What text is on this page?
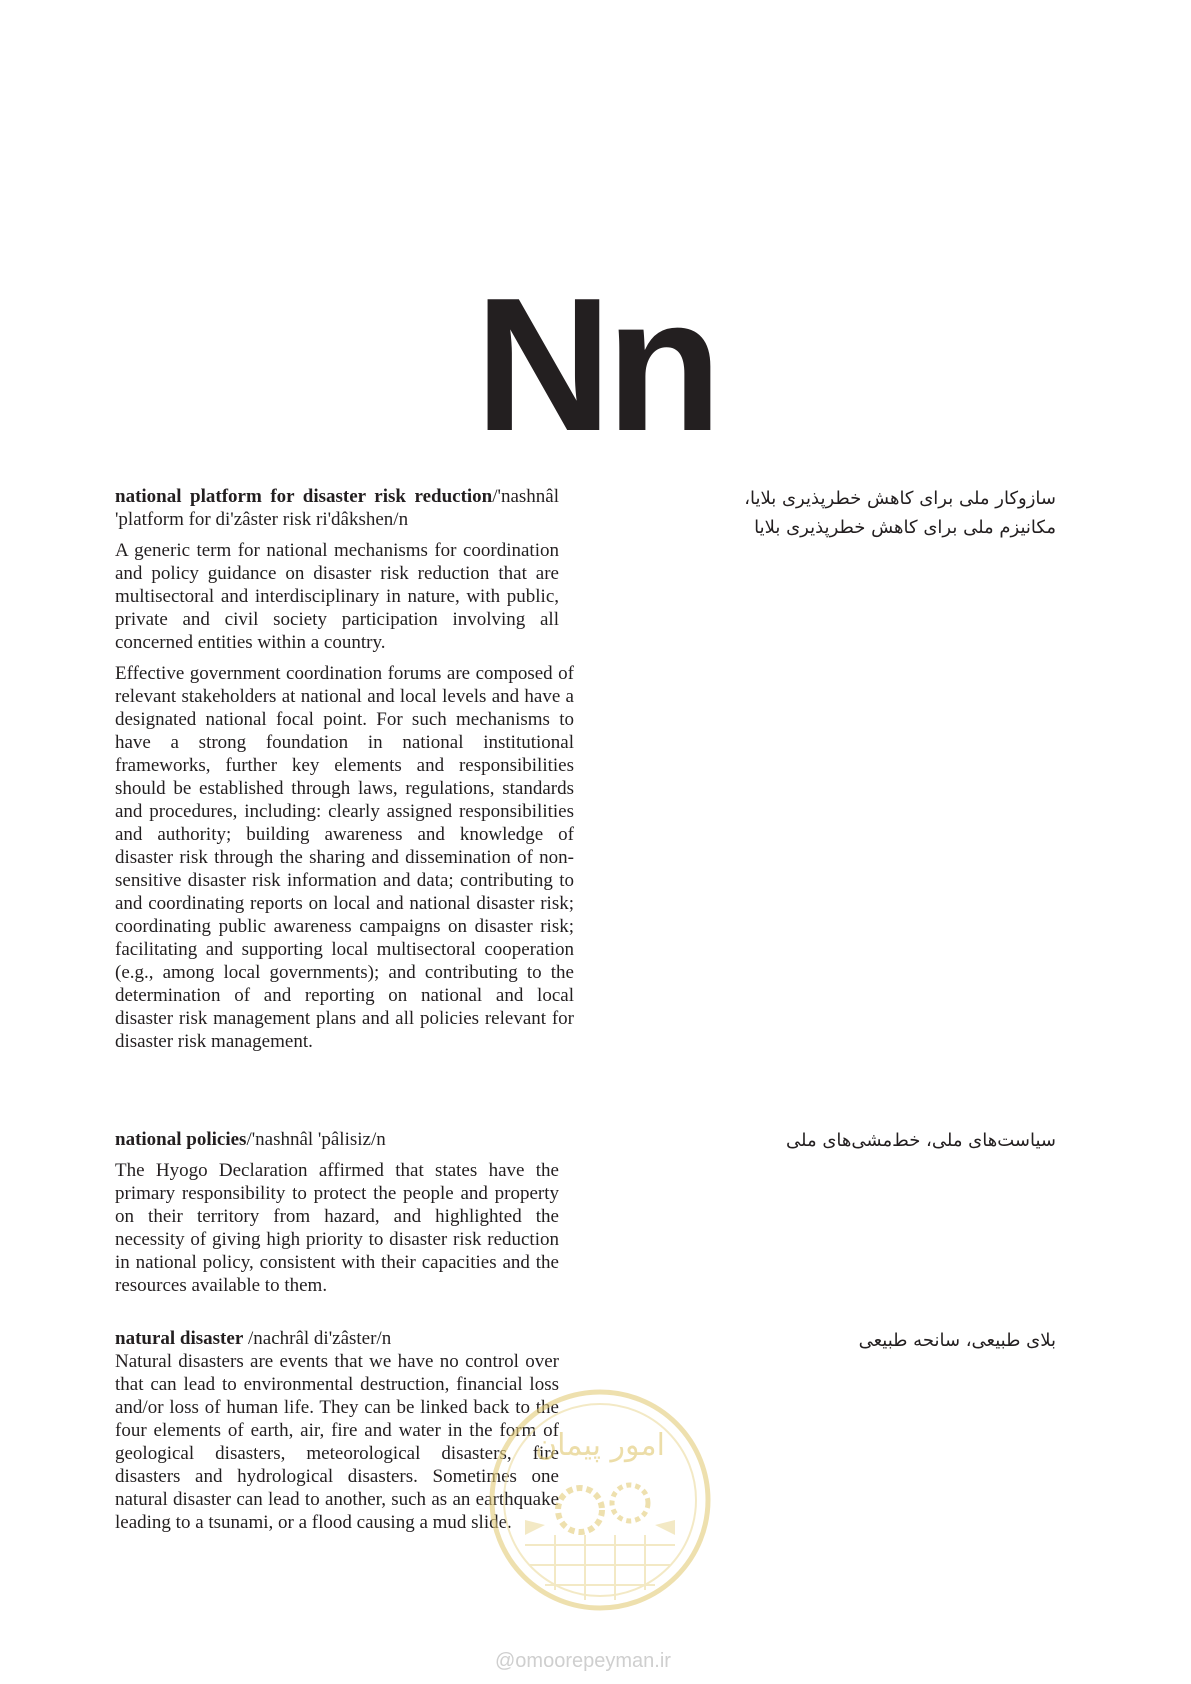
Nn
national platform for disaster risk reduction/'nashnâl 'platform for di'zâster risk ri'dâkshen/n
A generic term for national mechanisms for coordination and policy guidance on disaster risk reduction that are multisectoral and interdisciplinary in nature, with public, private and civil society participation involving all concerned entities within a country.
Effective government coordination forums are composed of relevant stakeholders at national and local levels and have a designated national focal point. For such mechanisms to have a strong foundation in national institutional frameworks, further key elements and responsibilities should be established through laws, regulations, standards and procedures, including: clearly assigned responsibilities and authority; building awareness and knowledge of disaster risk through the sharing and dissemination of non-sensitive disaster risk information and data; contributing to and coordinating reports on local and national disaster risk; coordinating public awareness campaigns on disaster risk; facilitating and supporting local multisectoral cooperation (e.g., among local governments); and contributing to the determination of and reporting on national and local disaster risk management plans and all policies relevant for disaster risk management.
سازوکار ملی برای کاهش خطرپذیری بلایا،
مکانیزم ملی برای کاهش خطرپذیری بلایا
national policies/'nashnâl 'pâlisiz/n
The Hyogo Declaration affirmed that states have the primary responsibility to protect the people and property on their territory from hazard, and highlighted the necessity of giving high priority to disaster risk reduction in national policy, consistent with their capacities and the resources available to them.
سیاست‌های ملی، خط‌مشی‌های ملی
natural disaster /nachrâl di'zâster/n
Natural disasters are events that we have no control over that can lead to environmental destruction, financial loss and/or loss of human life. They can be linked back to the four elements of earth, air, fire and water in the form of geological disasters, meteorological disasters, fire disasters and hydrological disasters. Sometimes one natural disaster can lead to another, such as an earthquake leading to a tsunami, or a flood causing a mud slide.
بلای طبیعی، سانحه طبیعی
امور پیمان
@omoorepeyman.ir
